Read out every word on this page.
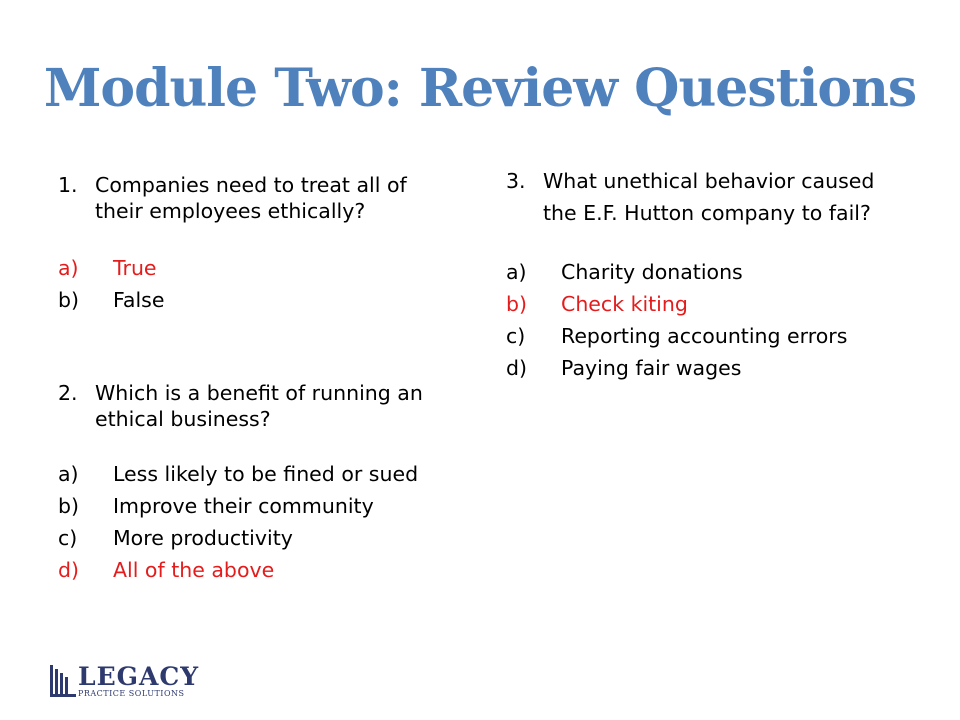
Module Two: Review Questions
1. Companies need to treat all of
their employees ethically?
a) True
b) False
2. Which is a benefit of running an
ethical business?
a) Less likely to be fined or sued
b) Improve their community
c) More productivity
d) All of the above
3. What unethical behavior caused
the E.F. Hutton company to fail?
a) Charity donations
b) Check kiting
c) Reporting accounting errors
d) Paying fair wages
LEGACY
PRACTICE SOLUTIONS
